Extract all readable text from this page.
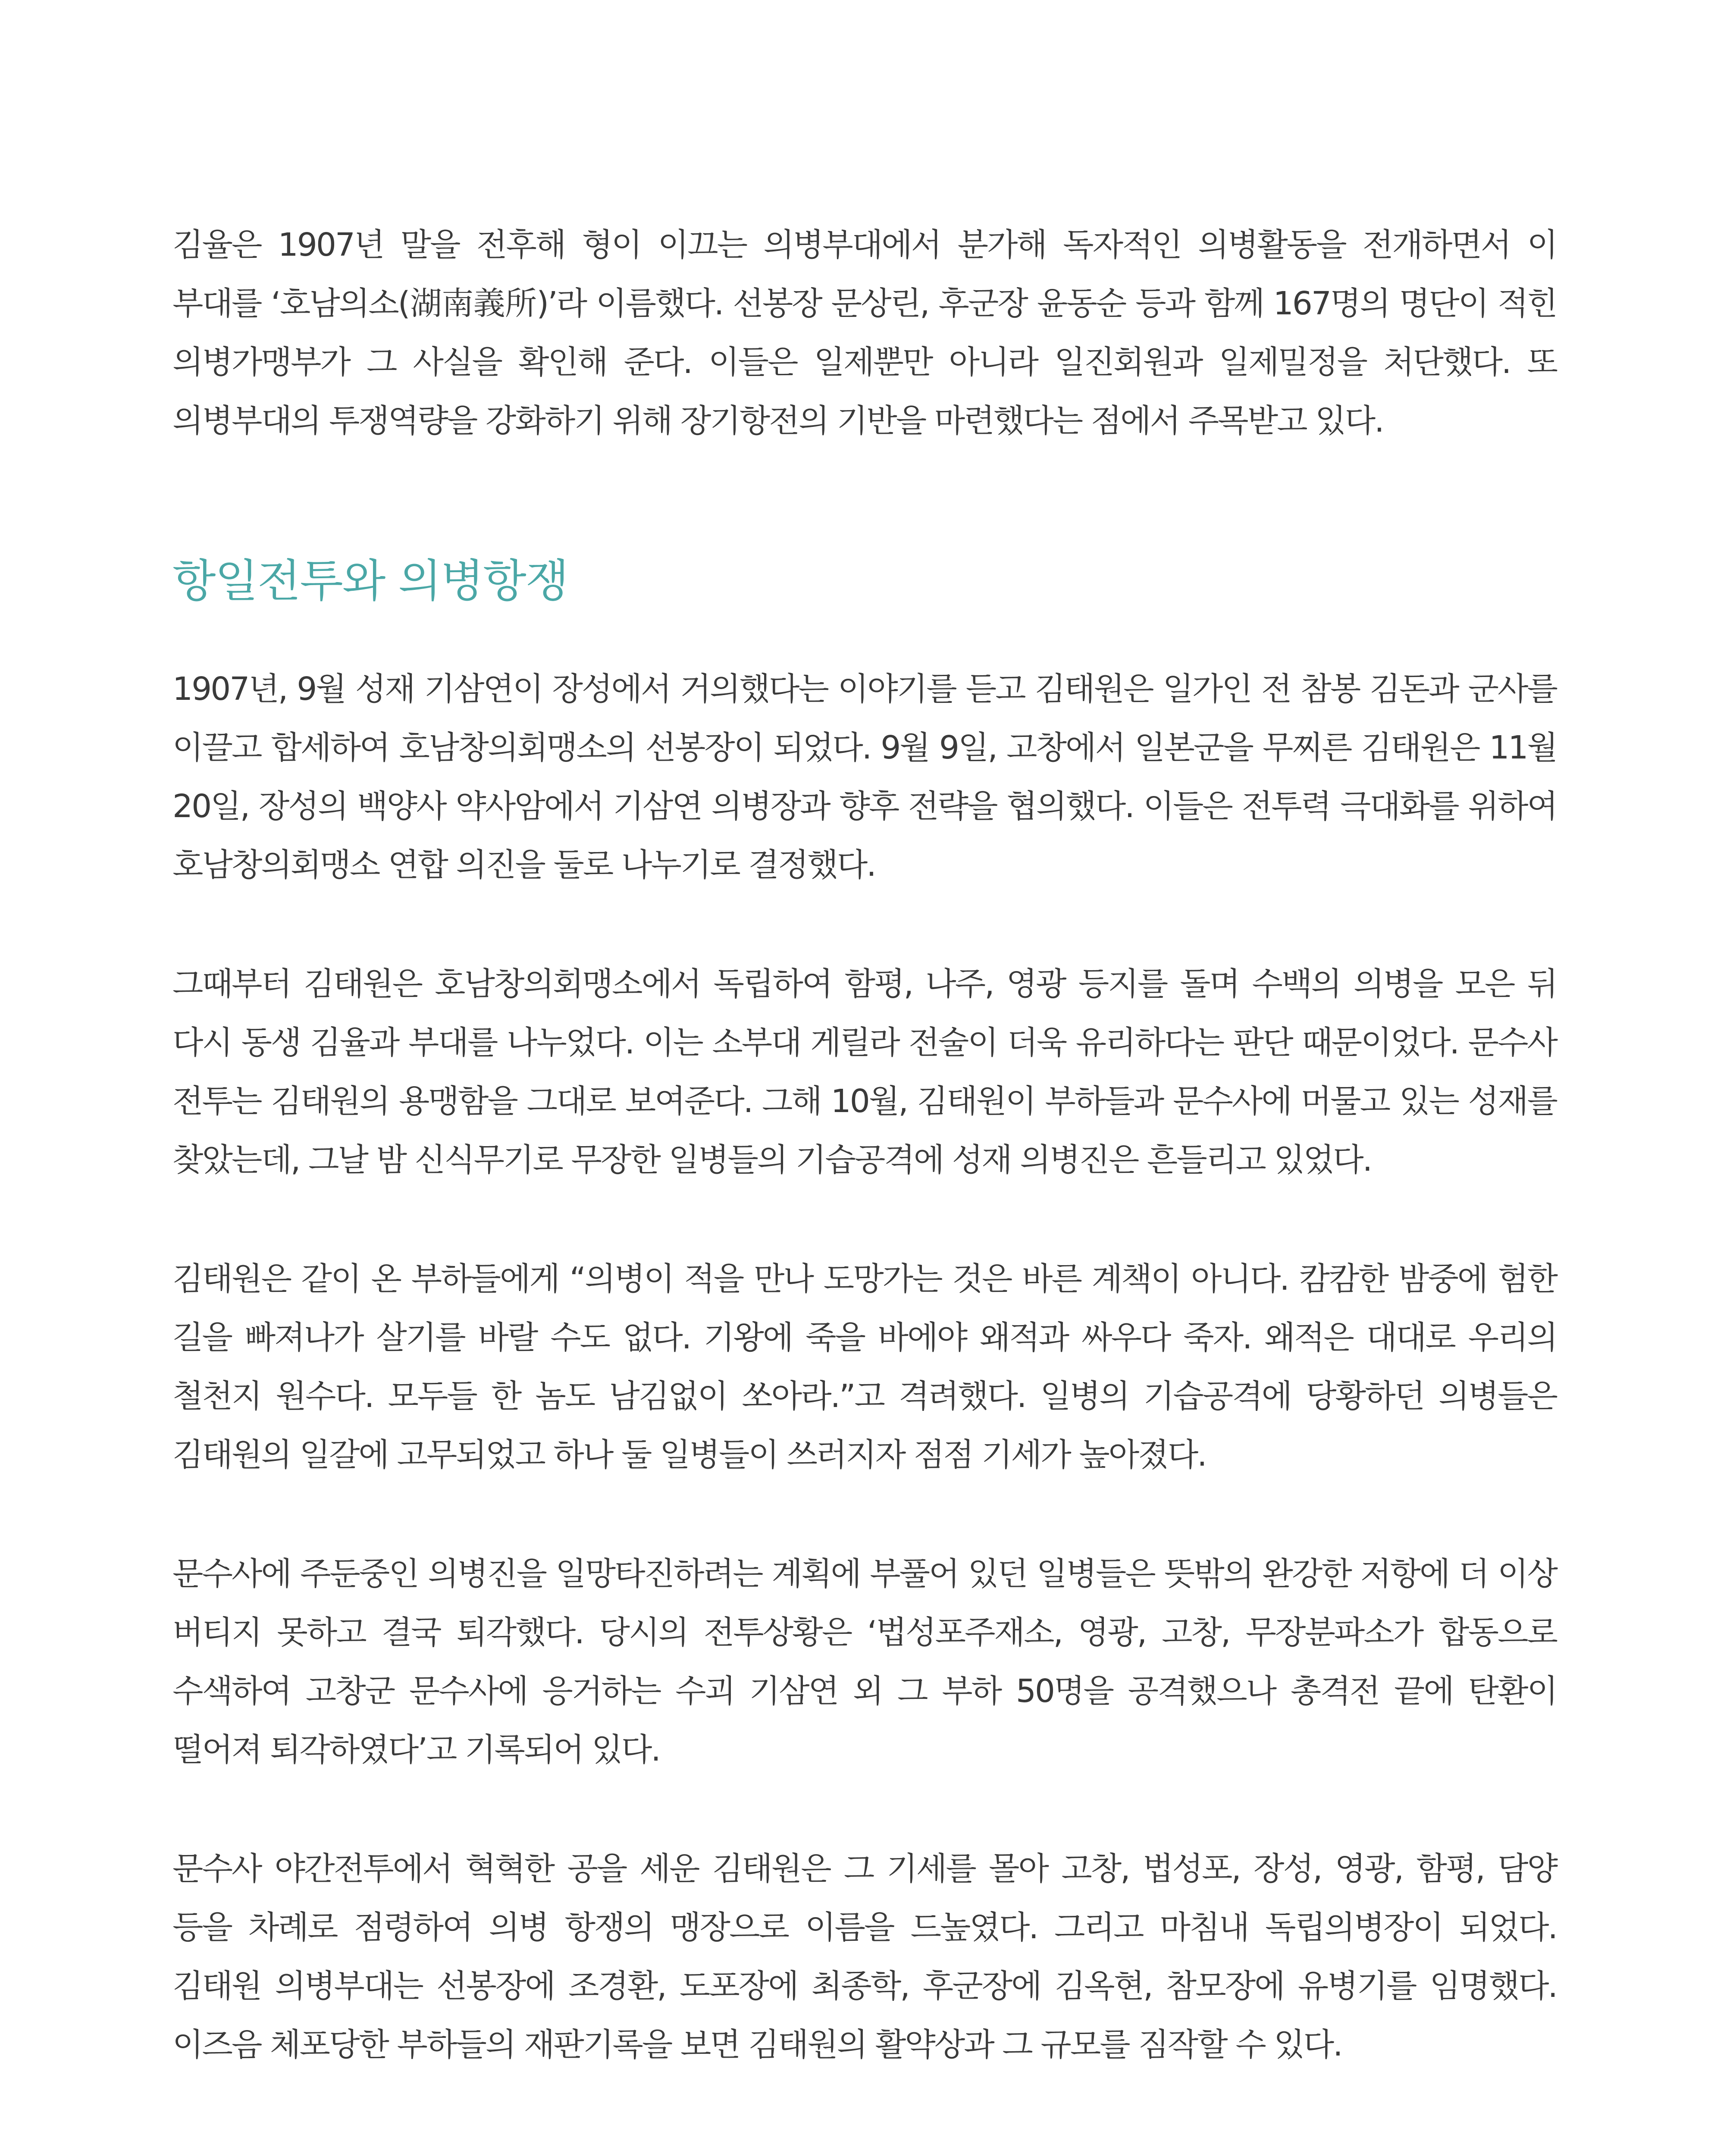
김율은 1907년 말을 전후해 형이 이끄는 의병부대에서 분가해 독자적인 의병활동을 전개하면서 이 부대를 ‘호남의소(湖南義所)’라 이름했다. 선봉장 문상린, 후군장 윤동순 등과 함께 167명의 명단이 적힌 의병가맹부가 그 사실을 확인해 준다. 이들은 일제뿐만 아니라 일진회원과 일제밀정을 처단했다. 또 의병부대의 투쟁역량을 강화하기 위해 장기항전의 기반을 마련했다는 점에서 주목받고 있다.

항일전투와 의병항쟁

1907년, 9월 성재 기삼연이 장성에서 거의했다는 이야기를 듣고 김태원은 일가인 전 참봉 김돈과 군사를 이끌고 합세하여 호남창의회맹소의 선봉장이 되었다. 9월 9일, 고창에서 일본군을 무찌른 김태원은 11월 20일, 장성의 백양사 약사암에서 기삼연 의병장과 향후 전략을 협의했다. 이들은 전투력 극대화를 위하여 호남창의회맹소 연합 의진을 둘로 나누기로 결정했다.

그때부터 김태원은 호남창의회맹소에서 독립하여 함평, 나주, 영광 등지를 돌며 수백의 의병을 모은 뒤 다시 동생 김율과 부대를 나누었다. 이는 소부대 게릴라 전술이 더욱 유리하다는 판단 때문이었다. 문수사 전투는 김태원의 용맹함을 그대로 보여준다. 그해 10월, 김태원이 부하들과 문수사에 머물고 있는 성재를 찾았는데, 그날 밤 신식무기로 무장한 일병들의 기습공격에 성재 의병진은 흔들리고 있었다.

김태원은 같이 온 부하들에게 “의병이 적을 만나 도망가는 것은 바른 계책이 아니다. 캄캄한 밤중에 험한 길을 빠져나가 살기를 바랄 수도 없다. 기왕에 죽을 바에야 왜적과 싸우다 죽자. 왜적은 대대로 우리의 철천지 원수다. 모두들 한 놈도 남김없이 쏘아라.”고 격려했다. 일병의 기습공격에 당황하던 의병들은 김태원의 일갈에 고무되었고 하나 둘 일병들이 쓰러지자 점점 기세가 높아졌다.

문수사에 주둔중인 의병진을 일망타진하려는 계획에 부풀어 있던 일병들은 뜻밖의 완강한 저항에 더 이상 버티지 못하고 결국 퇴각했다. 당시의 전투상황은 ‘법성포주재소, 영광, 고창, 무장분파소가 합동으로 수색하여 고창군 문수사에 응거하는 수괴 기삼연 외 그 부하 50명을 공격했으나 총격전 끝에 탄환이 떨어져 퇴각하였다’고 기록되어 있다.

문수사 야간전투에서 혁혁한 공을 세운 김태원은 그 기세를 몰아 고창, 법성포, 장성, 영광, 함평, 담양 등을 차례로 점령하여 의병 항쟁의 맹장으로 이름을 드높였다. 그리고 마침내 독립의병장이 되었다. 김태원 의병부대는 선봉장에 조경환, 도포장에 최종학, 후군장에 김옥현, 참모장에 유병기를 임명했다. 이즈음 체포당한 부하들의 재판기록을 보면 김태원의 활약상과 그 규모를 짐작할 수 있다.
